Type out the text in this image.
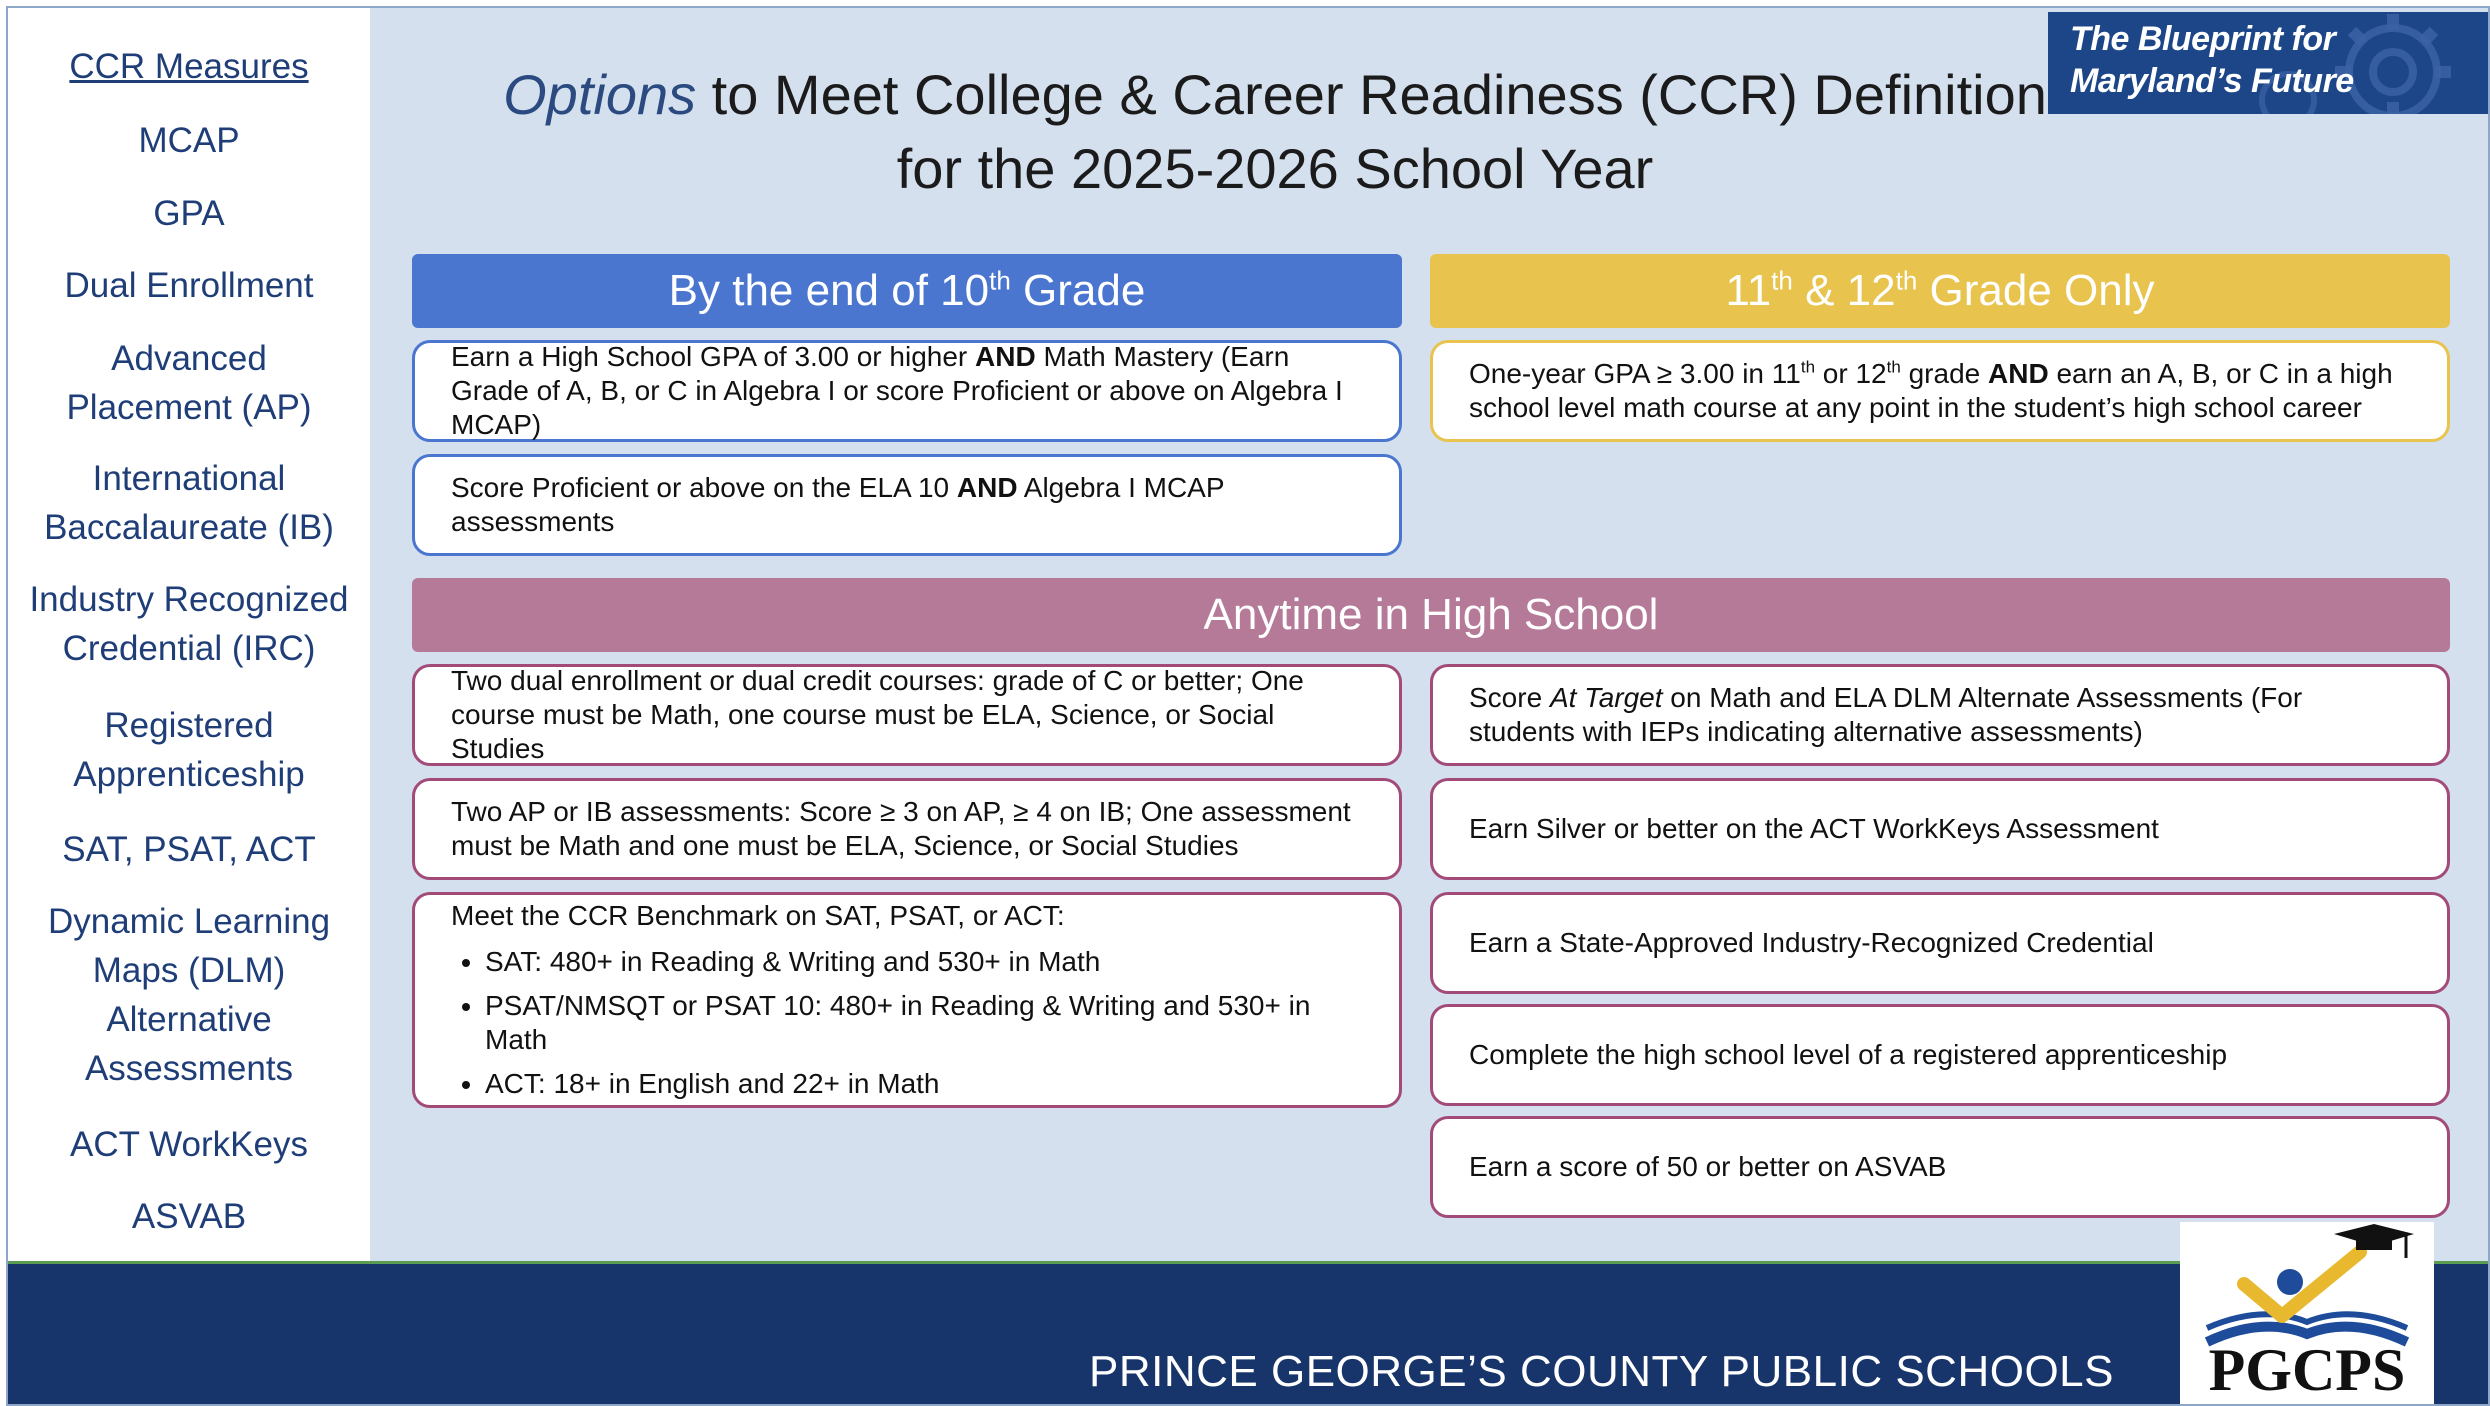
CCR Measures
MCAP
GPA
Dual Enrollment
Advanced
Placement (AP)
International
Baccalaureate (IB)
Industry Recognized
Credential (IRC)
Registered
Apprenticeship
SAT, PSAT, ACT
Dynamic Learning
Maps (DLM)
Alternative
Assessments
ACT WorkKeys
ASVAB
Options to Meet College & Career Readiness (CCR) Definition
for the 2025-2026 School Year
The Blueprint for
Maryland’s Future
By the end of 10th Grade	11th & 12th Grade Only
Earn a High School GPA of 3.00 or higher AND Math Mastery (Earn Grade of A, B, or C in Algebra I or score Proficient or above on Algebra I MCAP)
Score Proficient or above on the ELA 10 AND Algebra I MCAP assessments
One-year GPA ≥ 3.00 in 11th or 12th grade AND earn an A, B, or C in a high school level math course at any point in the student’s high school career
Anytime in High School
Two dual enrollment or dual credit courses: grade of C or better; One course must be Math, one course must be ELA, Science, or Social Studies
Two AP or IB assessments: Score ≥ 3 on AP, ≥ 4 on IB; One assessment must be Math and one must be ELA, Science, or Social Studies
Meet the CCR Benchmark on SAT, PSAT, or ACT:
• SAT: 480+ in Reading & Writing and 530+ in Math
• PSAT/NMSQT or PSAT 10: 480+ in Reading & Writing and 530+ in Math
• ACT: 18+ in English and 22+ in Math
Score At Target on Math and ELA DLM Alternate Assessments (For students with IEPs indicating alternative assessments)
Earn Silver or better on the ACT WorkKeys Assessment
Earn a State-Approved Industry-Recognized Credential
Complete the high school level of a registered apprenticeship
Earn a score of 50 or better on ASVAB
PRINCE GEORGE’S COUNTY PUBLIC SCHOOLS	PGCPS
